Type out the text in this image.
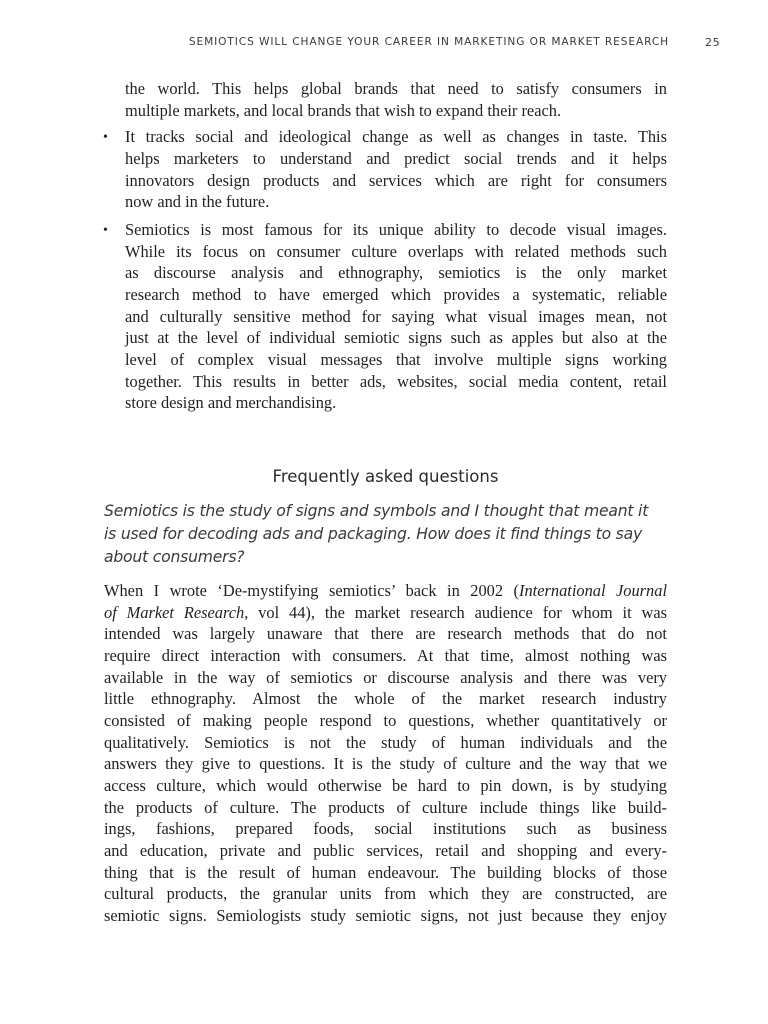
SEMIOTICS WILL CHANGE YOUR CAREER IN MARKETING OR MARKET RESEARCH	25
the world. This helps global brands that need to satisfy consumers in
multiple markets, and local brands that wish to expand their reach.
• It tracks social and ideological change as well as changes in taste. This
helps marketers to understand and predict social trends and it helps
innovators design products and services which are right for consumers
now and in the future.
• Semiotics is most famous for its unique ability to decode visual images.
While its focus on consumer culture overlaps with related methods such
as discourse analysis and ethnography, semiotics is the only market
research method to have emerged which provides a systematic, reliable
and culturally sensitive method for saying what visual images mean, not
just at the level of individual semiotic signs such as apples but also at the
level of complex visual messages that involve multiple signs working
together. This results in better ads, websites, social media content, retail
store design and merchandising.
Frequently asked questions
Semiotics is the study of signs and symbols and I thought that meant it
is used for decoding ads and packaging. How does it find things to say
about consumers?
When I wrote ‘De-mystifying semiotics’ back in 2002 (International Journal
of Market Research, vol 44), the market research audience for whom it was
intended was largely unaware that there are research methods that do not
require direct interaction with consumers. At that time, almost nothing was
available in the way of semiotics or discourse analysis and there was very
little ethnography. Almost the whole of the market research industry
consisted of making people respond to questions, whether quantitatively or
qualitatively. Semiotics is not the study of human individuals and the
answers they give to questions. It is the study of culture and the way that we
access culture, which would otherwise be hard to pin down, is by studying
the products of culture. The products of culture include things like build-
ings, fashions, prepared foods, social institutions such as business
and education, private and public services, retail and shopping and every-
thing that is the result of human endeavour. The building blocks of those
cultural products, the granular units from which they are constructed, are
semiotic signs. Semiologists study semiotic signs, not just because they enjoy
